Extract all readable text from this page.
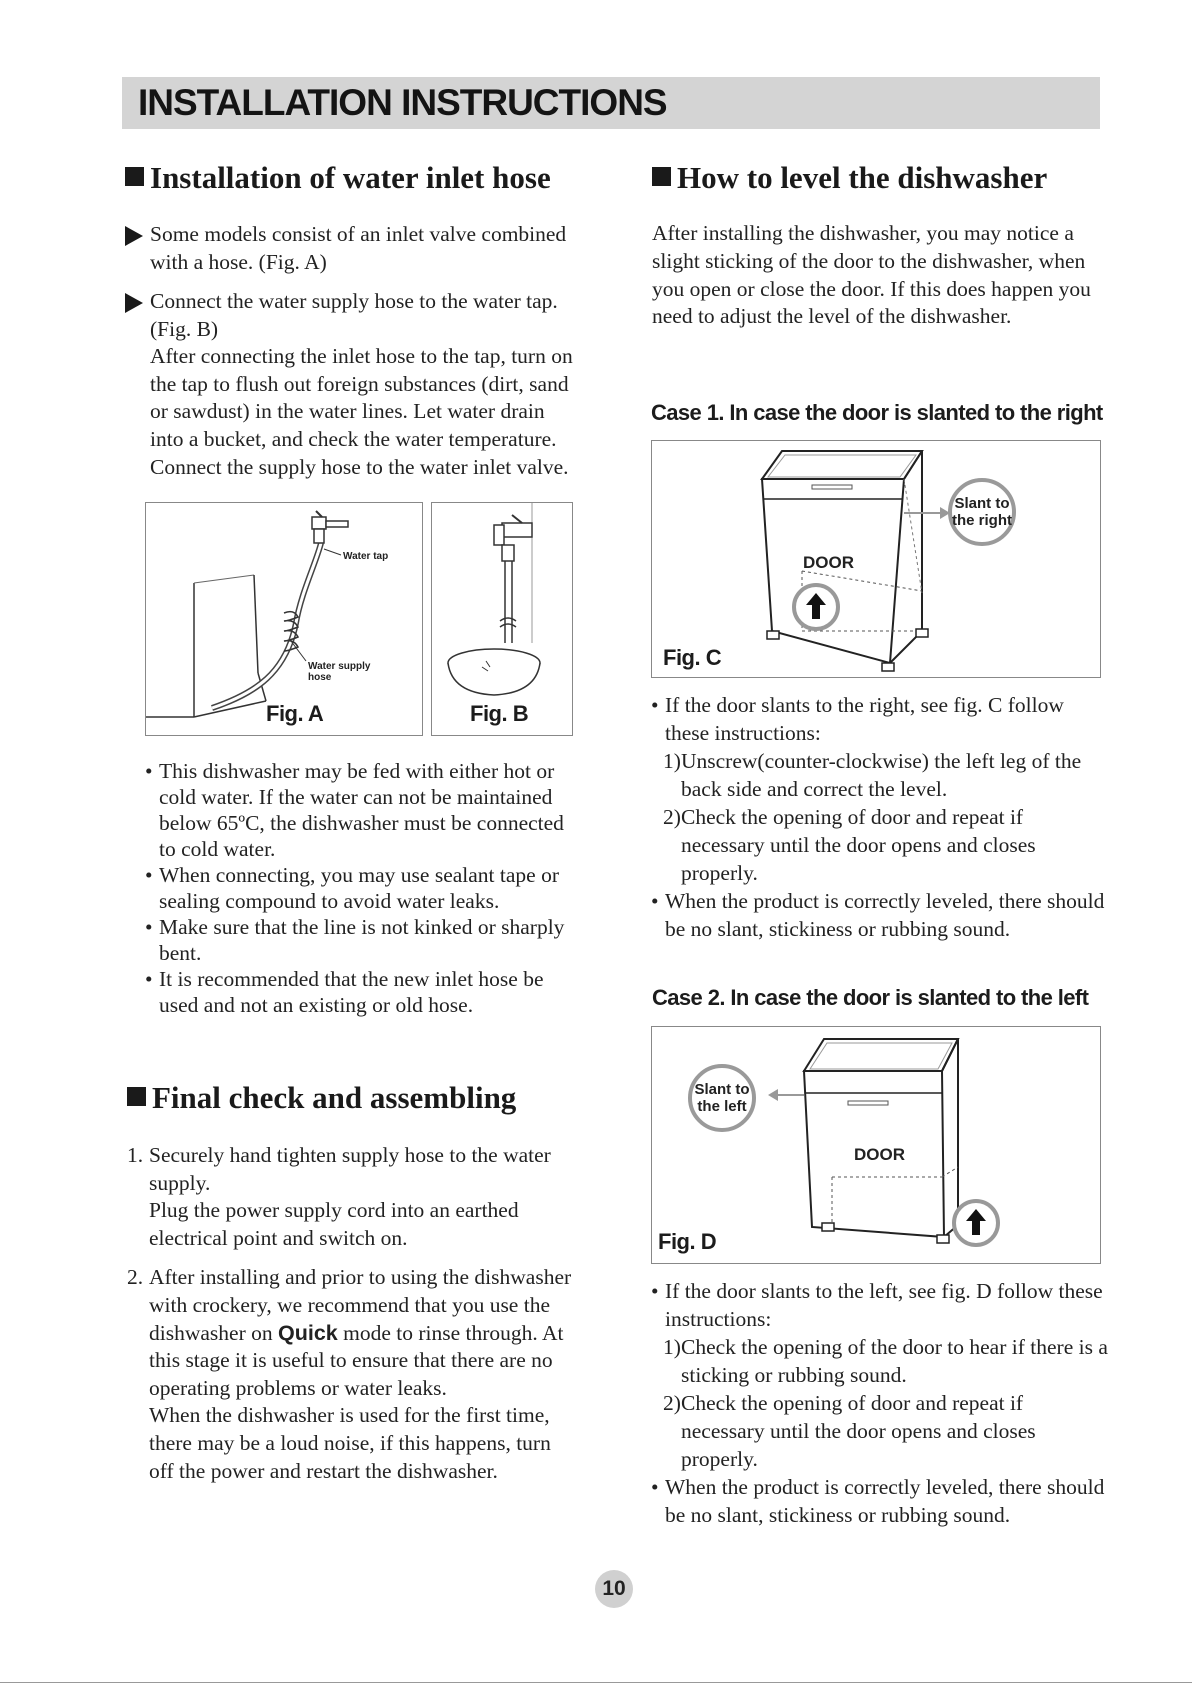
INSTALLATION INSTRUCTIONS
Installation of water inlet hose
Some models consist of an inlet valve combined with a hose. (Fig. A)
Connect the water supply hose to the water tap. (Fig. B)
After connecting the inlet hose to the tap, turn on the tap to flush out foreign substances (dirt, sand or sawdust) in the water lines. Let water drain into a bucket, and check the water temperature. Connect the supply hose to the water inlet valve.
Water tap
Water supply hose
Fig. A	Fig. B
• This dishwasher may be fed with either hot or cold water. If the water can not be maintained below 65ºC, the dishwasher must be connected to cold water.
• When connecting, you may use sealant tape or sealing compound to avoid water leaks.
• Make sure that the line is not kinked or sharply bent.
• It is recommended that the new inlet hose be used and not an existing or old hose.
Final check and assembling
1. Securely hand tighten supply hose to the water supply.
Plug the power supply cord into an earthed electrical point and switch on.
2. After installing and prior to using the dishwasher with crockery, we recommend that you use the dishwasher on Quick mode to rinse through. At this stage it is useful to ensure that there are no operating problems or water leaks.
When the dishwasher is used for the first time, there may be a loud noise, if this happens, turn off the power and restart the dishwasher.
How to level the dishwasher
After installing the dishwasher, you may notice a slight sticking of the door to the dishwasher, when you open or close the door. If this does happen you need to adjust the level of the dishwasher.
Case 1. In case the door is slanted to the right
Slant to the right
DOOR
Fig. C
• If the door slants to the right, see fig. C follow these instructions:
1) Unscrew(counter-clockwise) the left leg of the back side and correct the level.
2) Check the opening of door and repeat if necessary until the door opens and closes properly.
• When the product is correctly leveled, there should be no slant, stickiness or rubbing sound.
Case 2. In case the door is slanted to the left
Slant to the left
DOOR
Fig. D
• If the door slants to the left, see fig. D follow these instructions:
1) Check the opening of the door to hear if there is a sticking or rubbing sound.
2) Check the opening of door and repeat if necessary until the door opens and closes properly.
• When the product is correctly leveled, there should be no slant, stickiness or rubbing sound.
10
